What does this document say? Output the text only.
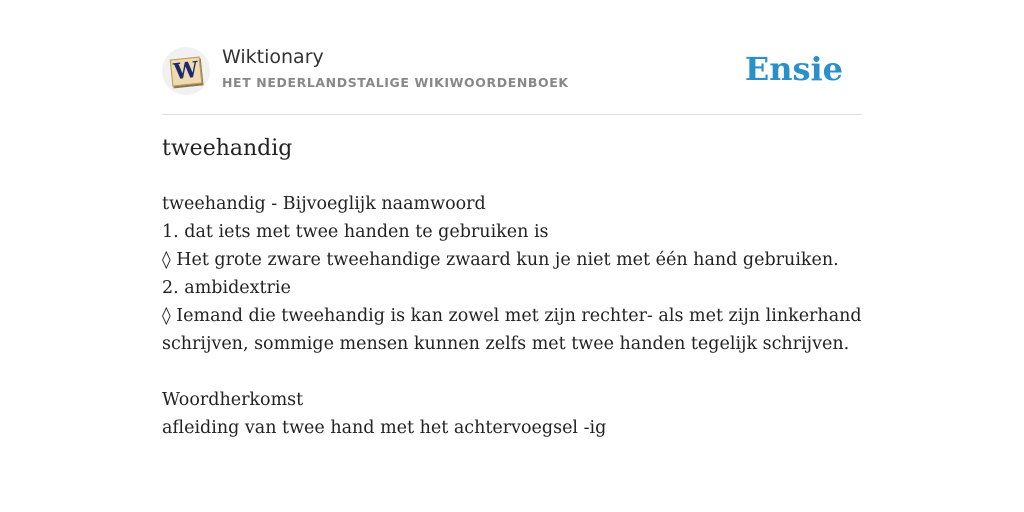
W Wiktionary
HET NEDERLANDSTALIGE WIKIWOORDENBOEK	Ensie
tweehandig
tweehandig - Bijvoeglijk naamwoord
1. dat iets met twee handen te gebruiken is
◊ Het grote zware tweehandige zwaard kun je niet met één hand gebruiken.
2. ambidextrie
◊ Iemand die tweehandig is kan zowel met zijn rechter- als met zijn linkerhand
schrijven, sommige mensen kunnen zelfs met twee handen tegelijk schrijven.
Woordherkomst
afleiding van twee hand met het achtervoegsel -ig
